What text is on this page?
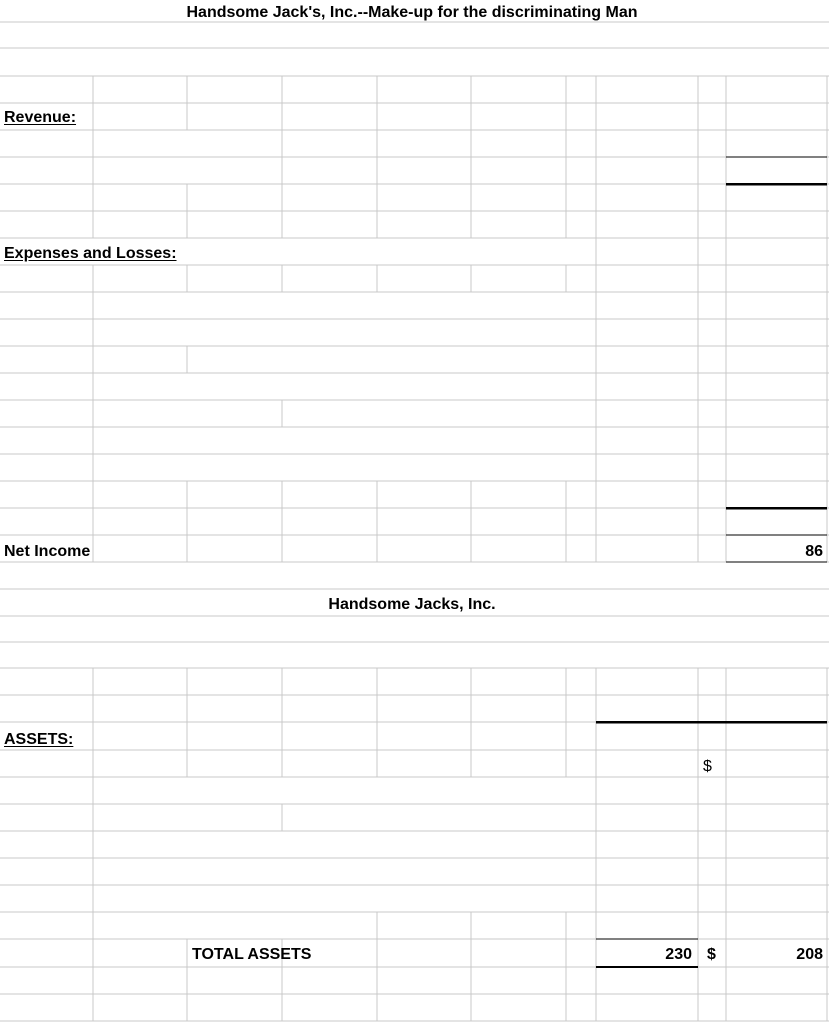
Handsome Jack's, Inc.--Make-up for the discriminating Man
Revenue:
Expenses and Losses:
Net Income	86
Handsome Jacks, Inc.
ASSETS:
$
TOTAL ASSETS	230 $	208
